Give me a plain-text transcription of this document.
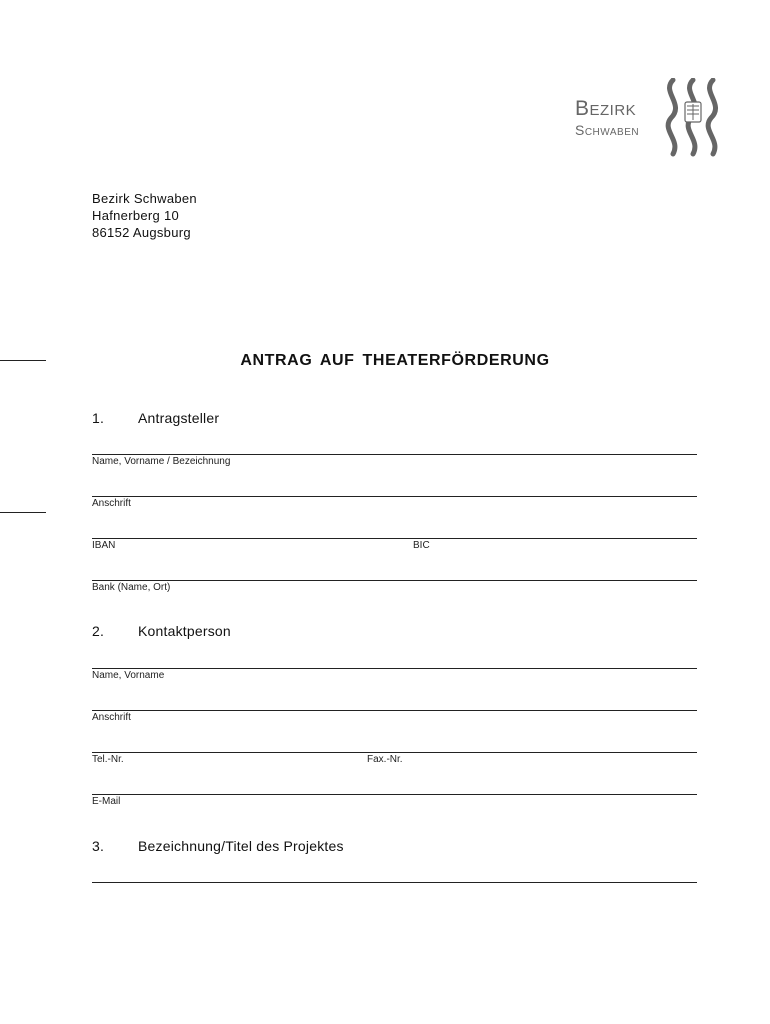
Bezirk
Schwaben
Bezirk Schwaben
Hafnerberg 10
86152 Augsburg
ANTRAG AUF THEATERFÖRDERUNG
1. Antragsteller
Name, Vorname / Bezeichnung
Anschrift
IBAN	BIC
Bank (Name, Ort)
2. Kontaktperson
Name, Vorname
Anschrift
Tel.-Nr.	Fax.-Nr.
E-Mail
3. Bezeichnung/Titel des Projektes
